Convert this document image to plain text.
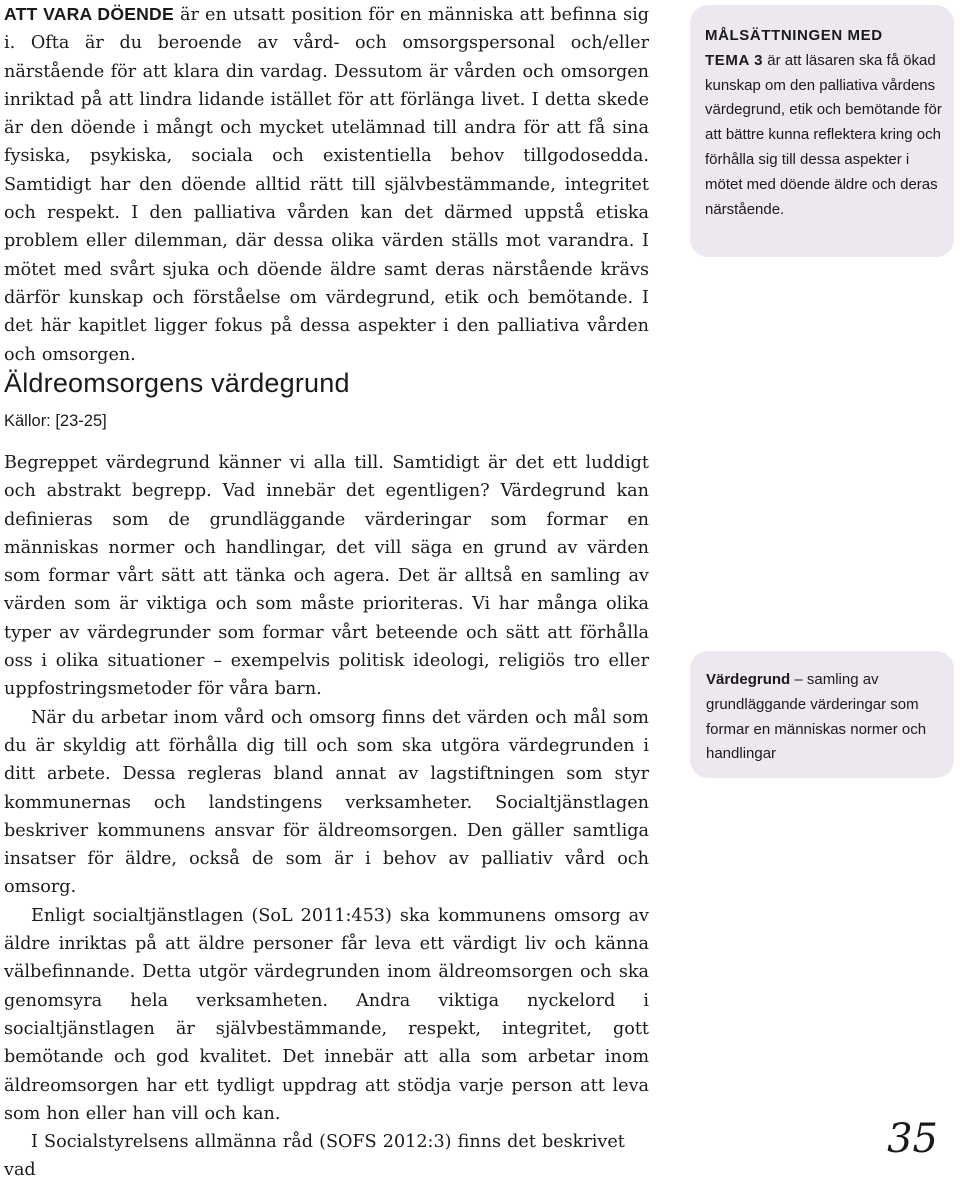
ATT VARA DÖENDE är en utsatt position för en människa att befinna sig i. Ofta är du beroende av vård- och omsorgspersonal och/eller närstående för att klara din vardag. Dessutom är vården och omsorgen inriktad på att lindra lidande istället för att förlänga livet. I detta skede är den döende i mångt och mycket utelämnad till andra för att få sina fysiska, psykiska, sociala och existentiella behov tillgodosedda. Samtidigt har den döende alltid rätt till självbestämmande, integritet och respekt. I den palliativa vården kan det därmed uppstå etiska problem eller dilemman, där dessa olika värden ställs mot varandra. I mötet med svårt sjuka och döende äldre samt deras närstående krävs därför kunskap och förståelse om värdegrund, etik och bemötande. I det här kapitlet ligger fokus på dessa aspekter i den palliativa vården och omsorgen.

Äldreomsorgens värdegrund

Källor: [23-25]

Begreppet värdegrund känner vi alla till. Samtidigt är det ett luddigt och abstrakt begrepp. Vad innebär det egentligen? Värdegrund kan definieras som de grundläggande värderingar som formar en människas normer och handlingar, det vill säga en grund av värden som formar vårt sätt att tänka och agera. Det är alltså en samling av värden som är viktiga och som måste prioriteras. Vi har många olika typer av värdegrunder som formar vårt beteende och sätt att förhålla oss i olika situationer – exempelvis politisk ideologi, religiös tro eller uppfostringsmetoder för våra barn.

När du arbetar inom vård och omsorg finns det värden och mål som du är skyldig att förhålla dig till och som ska utgöra värdegrunden i ditt arbete. Dessa regleras bland annat av lagstiftningen som styr kommunernas och landstingens verksamheter. Socialtjänstlagen beskriver kommunens ansvar för äldreomsorgen. Den gäller samtliga insatser för äldre, också de som är i behov av palliativ vård och omsorg.

Enligt socialtjänstlagen (SoL 2011:453) ska kommunens omsorg av äldre inriktas på att äldre personer får leva ett värdigt liv och känna välbefinnande. Detta utgör värdegrunden inom äldreomsorgen och ska genomsyra hela verksamheten. Andra viktiga nyckelord i socialtjänstlagen är självbestämmande, respekt, integritet, gott bemötande och god kvalitet. Det innebär att alla som arbetar inom äldreomsorgen har ett tydligt uppdrag att stödja varje person att leva som hon eller han vill och kan.

I Socialstyrelsens allmänna råd (SOFS 2012:3) finns det beskrivet vad

MÅLSÄTTNINGEN MED
TEMA 3 är att läsaren ska få ökad kunskap om den palliativa vårdens värdegrund, etik och bemötande för att bättre kunna reflektera kring och förhålla sig till dessa aspekter i mötet med döende äldre och deras närstående.
Värdegrund – samling av grundläggande värderingar som formar en människas normer och handlingar
35
